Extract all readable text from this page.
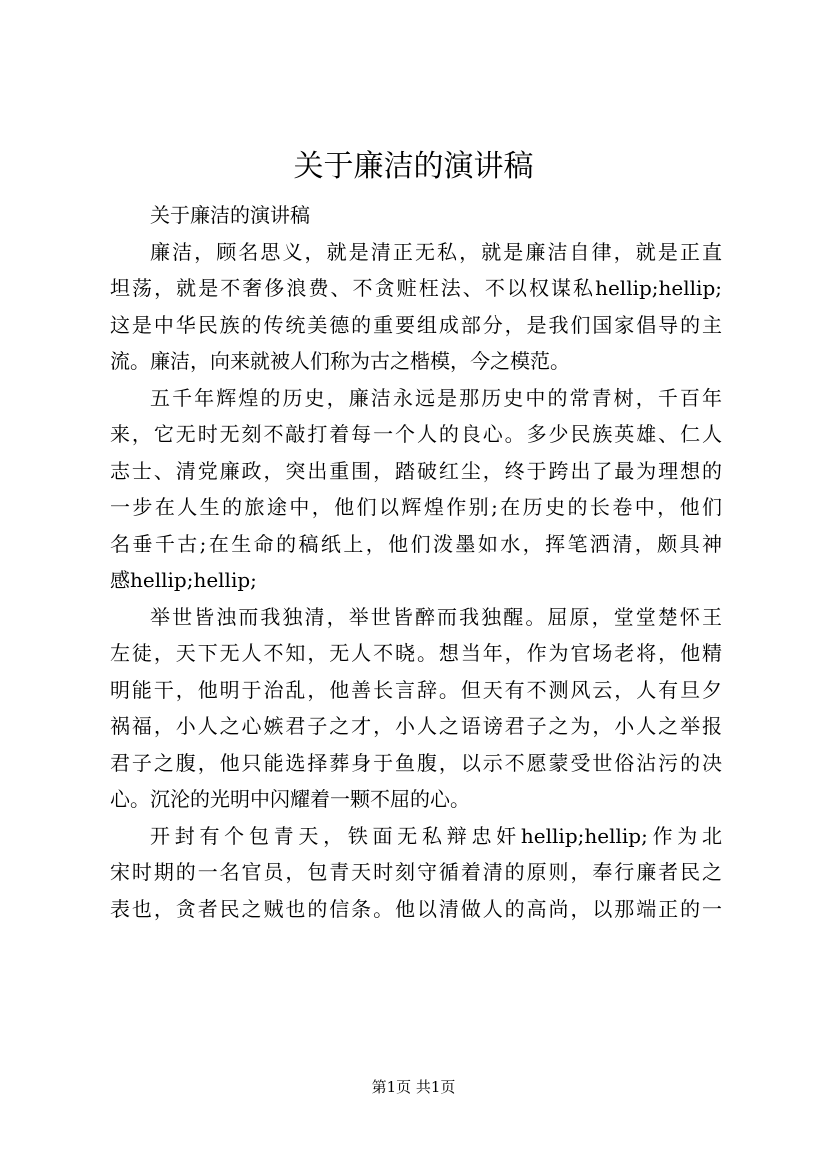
关于廉洁的演讲稿
关于廉洁的演讲稿
廉洁，顾名思义，就是清正无私，就是廉洁自律，就是正直
坦荡，就是不奢侈浪费、不贪赃枉法、不以权谋私hellip;hellip;
这是中华民族的传统美德的重要组成部分，是我们国家倡导的主
流。廉洁，向来就被人们称为古之楷模，今之模范。
五千年辉煌的历史，廉洁永远是那历史中的常青树，千百年
来，它无时无刻不敲打着每一个人的良心。多少民族英雄、仁人
志士、清党廉政，突出重围，踏破红尘，终于跨出了最为理想的
一步在人生的旅途中，他们以辉煌作别;在历史的长卷中，他们
名垂千古;在生命的稿纸上，他们泼墨如水，挥笔洒清，颇具神
感hellip;hellip;
举世皆浊而我独清，举世皆醉而我独醒。屈原，堂堂楚怀王
左徒，天下无人不知，无人不晓。想当年，作为官场老将，他精
明能干，他明于治乱，他善长言辞。但天有不测风云，人有旦夕
祸福，小人之心嫉君子之才，小人之语谤君子之为，小人之举报
君子之腹，他只能选择葬身于鱼腹，以示不愿蒙受世俗沾污的决
心。沉沦的光明中闪耀着一颗不屈的心。
开封有个包青天，铁面无私辩忠奸hellip;hellip;作为北
宋时期的一名官员，包青天时刻守循着清的原则，奉行廉者民之
表也，贪者民之贼也的信条。他以清做人的高尚，以那端正的一
第1页 共1页
